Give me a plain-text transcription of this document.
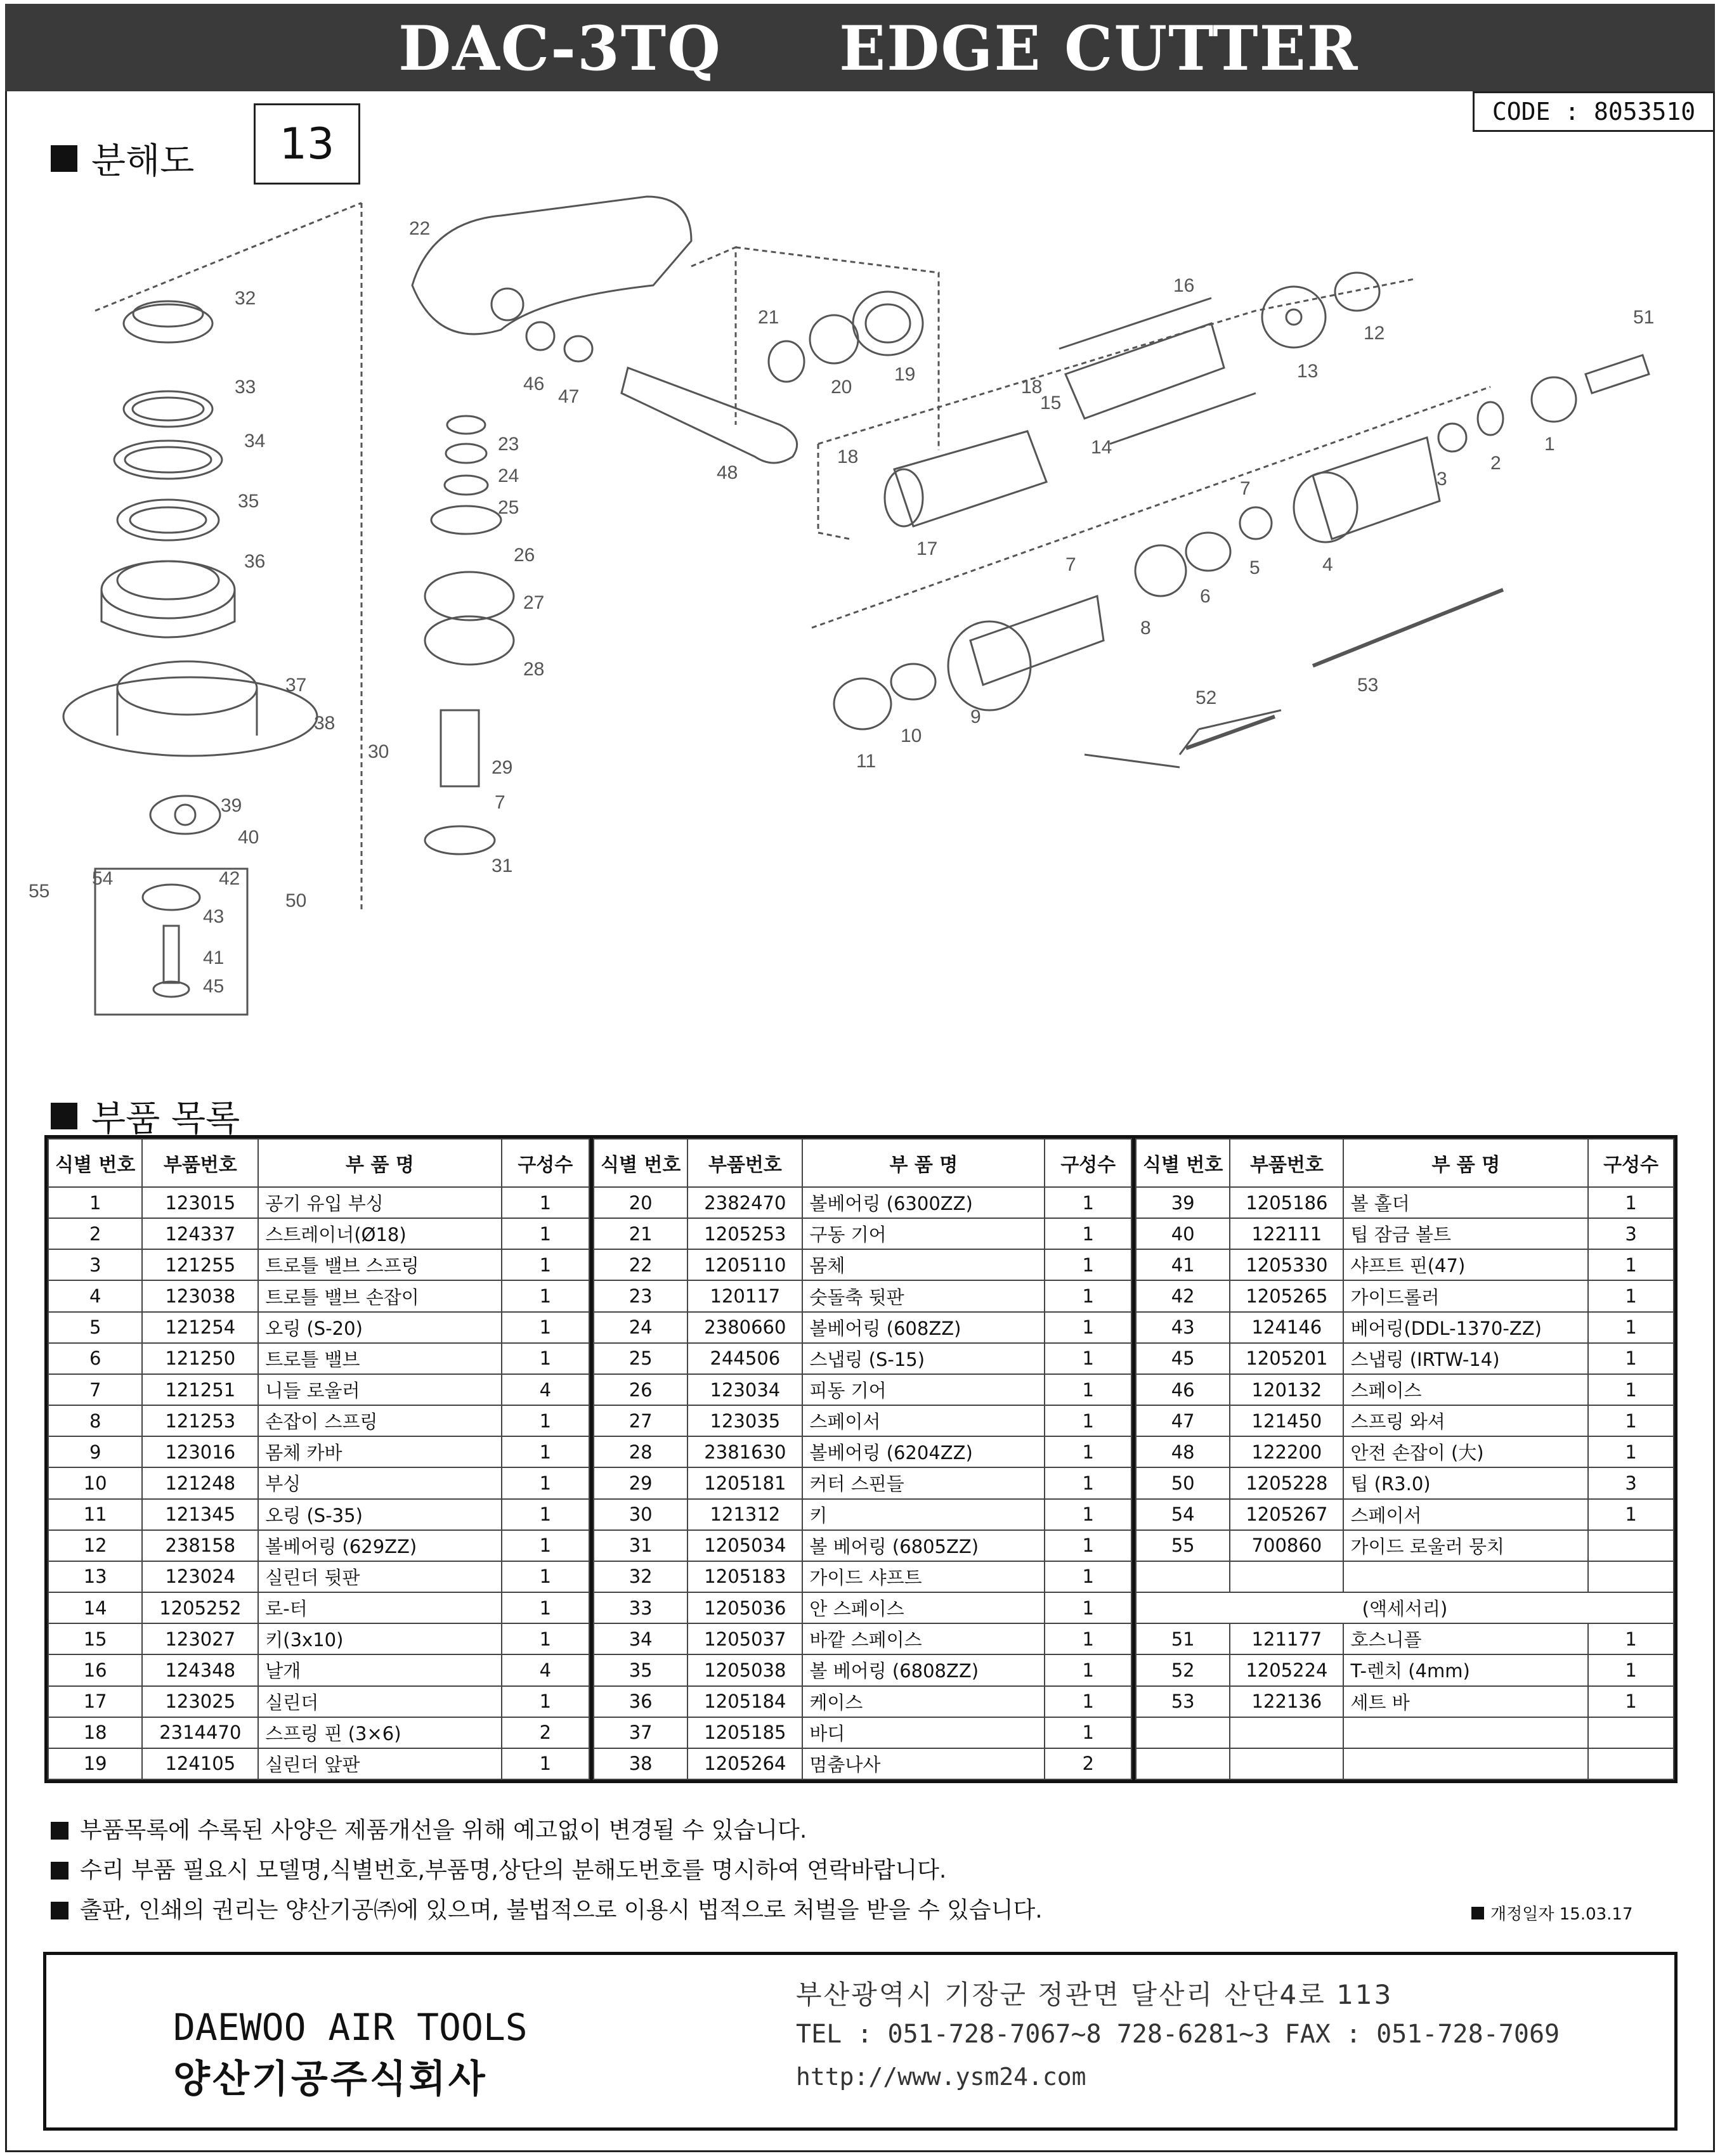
DAC-3TQ EDGE CUTTER
CODE : 8053510
분해도	13
1
2
3
4
5
6
7
7
7
8
9
10
11
12
13
14
15
16
17
18
18
19
20
21
22
23
24
25
26
27
28
29
30
31
32
33
34
35
36
37
38
39
40
41
42
43
45
46
47
48
50
51
52
53
54
55
부품 목록
식별 번호	부품번호	부 품 명	구성수
1	123015	공기 유입 부싱	1
2	124337	스트레이너(Ø18)	1
3	121255	트로틀 밸브 스프링	1
4	123038	트로틀 밸브 손잡이	1
5	121254	오링 (S-20)	1
6	121250	트로틀 밸브	1
7	121251	니들 로울러	4
8	121253	손잡이 스프링	1
9	123016	몸체 카바	1
10	121248	부싱	1
11	121345	오링 (S-35)	1
12	238158	볼베어링 (629ZZ)	1
13	123024	실린더 뒷판	1
14	1205252	로-터	1
15	123027	키(3x10)	1
16	124348	날개	4
17	123025	실린더	1
18	2314470	스프링 핀 (3×6)	2
19	124105	실린더 앞판	1
식별 번호	부품번호	부 품 명	구성수
20	2382470	볼베어링 (6300ZZ)	1
21	1205253	구동 기어	1
22	1205110	몸체	1
23	120117	숫돌축 뒷판	1
24	2380660	볼베어링 (608ZZ)	1
25	244506	스냅링 (S-15)	1
26	123034	피동 기어	1
27	123035	스페이서	1
28	2381630	볼베어링 (6204ZZ)	1
29	1205181	커터 스핀들	1
30	121312	키	1
31	1205034	볼 베어링 (6805ZZ)	1
32	1205183	가이드 샤프트	1
33	1205036	안 스페이스	1
34	1205037	바깥 스페이스	1
35	1205038	볼 베어링 (6808ZZ)	1
36	1205184	케이스	1
37	1205185	바디	1
38	1205264	멈춤나사	2
식별 번호	부품번호	부 품 명	구성수
39	1205186	볼 홀더	1
40	122111	팁 잠금 볼트	3
41	1205330	샤프트 핀(47)	1
42	1205265	가이드롤러	1
43	124146	베어링(DDL-1370-ZZ)	1
45	1205201	스냅링 (IRTW-14)	1
46	120132	스페이스	1
47	121450	스프링 와셔	1
48	122200	안전 손잡이 (大)	1
50	1205228	팁 (R3.0)	3
54	1205267	스페이서	1
55	700860	가이드 로울러 뭉치	

(액세서리)			
51	121177	호스니플	1
52	1205224	T-렌치 (4mm)	1
53	122136	세트 바	1

부품목록에 수록된 사양은 제품개선을 위해 예고없이 변경될 수 있습니다.
수리 부품 필요시 모델명,식별번호,부품명,상단의 분해도번호를 명시하여 연락바랍니다.
출판, 인쇄의 권리는 양산기공㈜에 있으며, 불법적으로 이용시 법적으로 처벌을 받을 수 있습니다.	개정일자 15.03.17
DAEWOO AIR TOOLS
양산기공주식회사
부산광역시 기장군 정관면 달산리 산단4로 113
TEL : 051-728-7067~8 728-6281~3 FAX : 051-728-7069
http://www.ysm24.com
